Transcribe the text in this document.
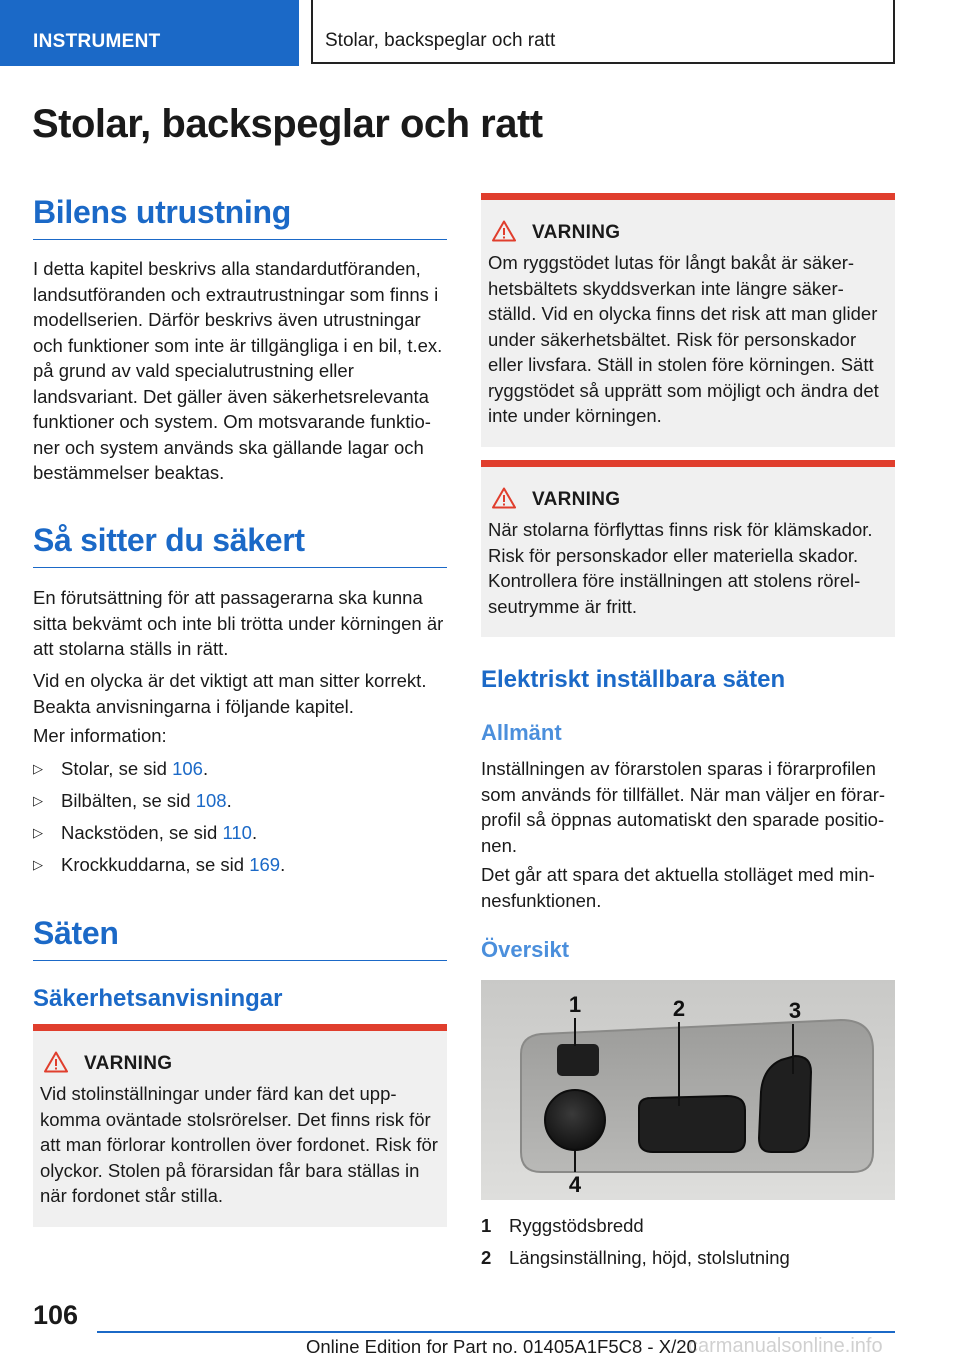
INSTRUMENT	Stolar, backspeglar och ratt
Stolar, backspeglar och ratt
Bilens utrustning

I detta kapitel beskrivs alla standardutföranden, landsutföranden och extrautrustningar som finns i modellserien. Därför beskrivs även utrustningar och funktioner som inte är tillgängliga i en bil, t.ex. på grund av vald specialutrustning eller landsvariant. Det gäller även säkerhetsrelevanta funktioner och system. Om motsvarande funktio- ner och system används ska gällande lagar och bestämmelser beaktas.

Så sitter du säkert

En förutsättning för att passagerarna ska kunna sitta bekvämt och inte bli trötta under körningen är att stolarna ställs in rätt.

Vid en olycka är det viktigt att man sitter korrekt. Beakta anvisningarna i följande kapitel.

Mer information:

▷ Stolar, se sid 106.
▷ Bilbälten, se sid 108.
▷ Nackstöden, se sid 110.
▷ Krockkuddarna, se sid 169.
Säten
Säkerhetsanvisningar
VARNING

Vid stolinställningar under färd kan det upp- komma oväntade stolsrörelser. Det finns risk för att man förlorar kontrollen över fordonet. Risk för olyckor. Stolen på förarsidan får bara ställas in när fordonet står stilla.

VARNING

Om ryggstödet lutas för långt bakåt är säker- hetsbältets skyddsverkan inte längre säker- ställd. Vid en olycka finns det risk att man glider under säkerhetsbältet. Risk för personskador eller livsfara. Ställ in stolen före körningen. Sätt ryggstödet så upprätt som möjligt och ändra det inte under körningen.

VARNING

När stolarna förflyttas finns risk för klämskador. Risk för personskador eller materiella skador. Kontrollera före inställningen att stolens rörel- seutrymme är fritt.

Elektriskt inställbara säten
Allmänt

Inställningen av förarstolen sparas i förarprofilen som används för tillfället. När man väljer en förar- profil så öppnas automatiskt den sparade positio- nen.

Det går att spara det aktuella stolläget med min- nesfunktionen.

Översikt
1	2	3
4
1 Ryggstödsbredd
2 Längsinställning, höjd, stolslutning
106
Online Edition for Part no. 01405A1F5C8 - X/20
carmanualsonline.info
